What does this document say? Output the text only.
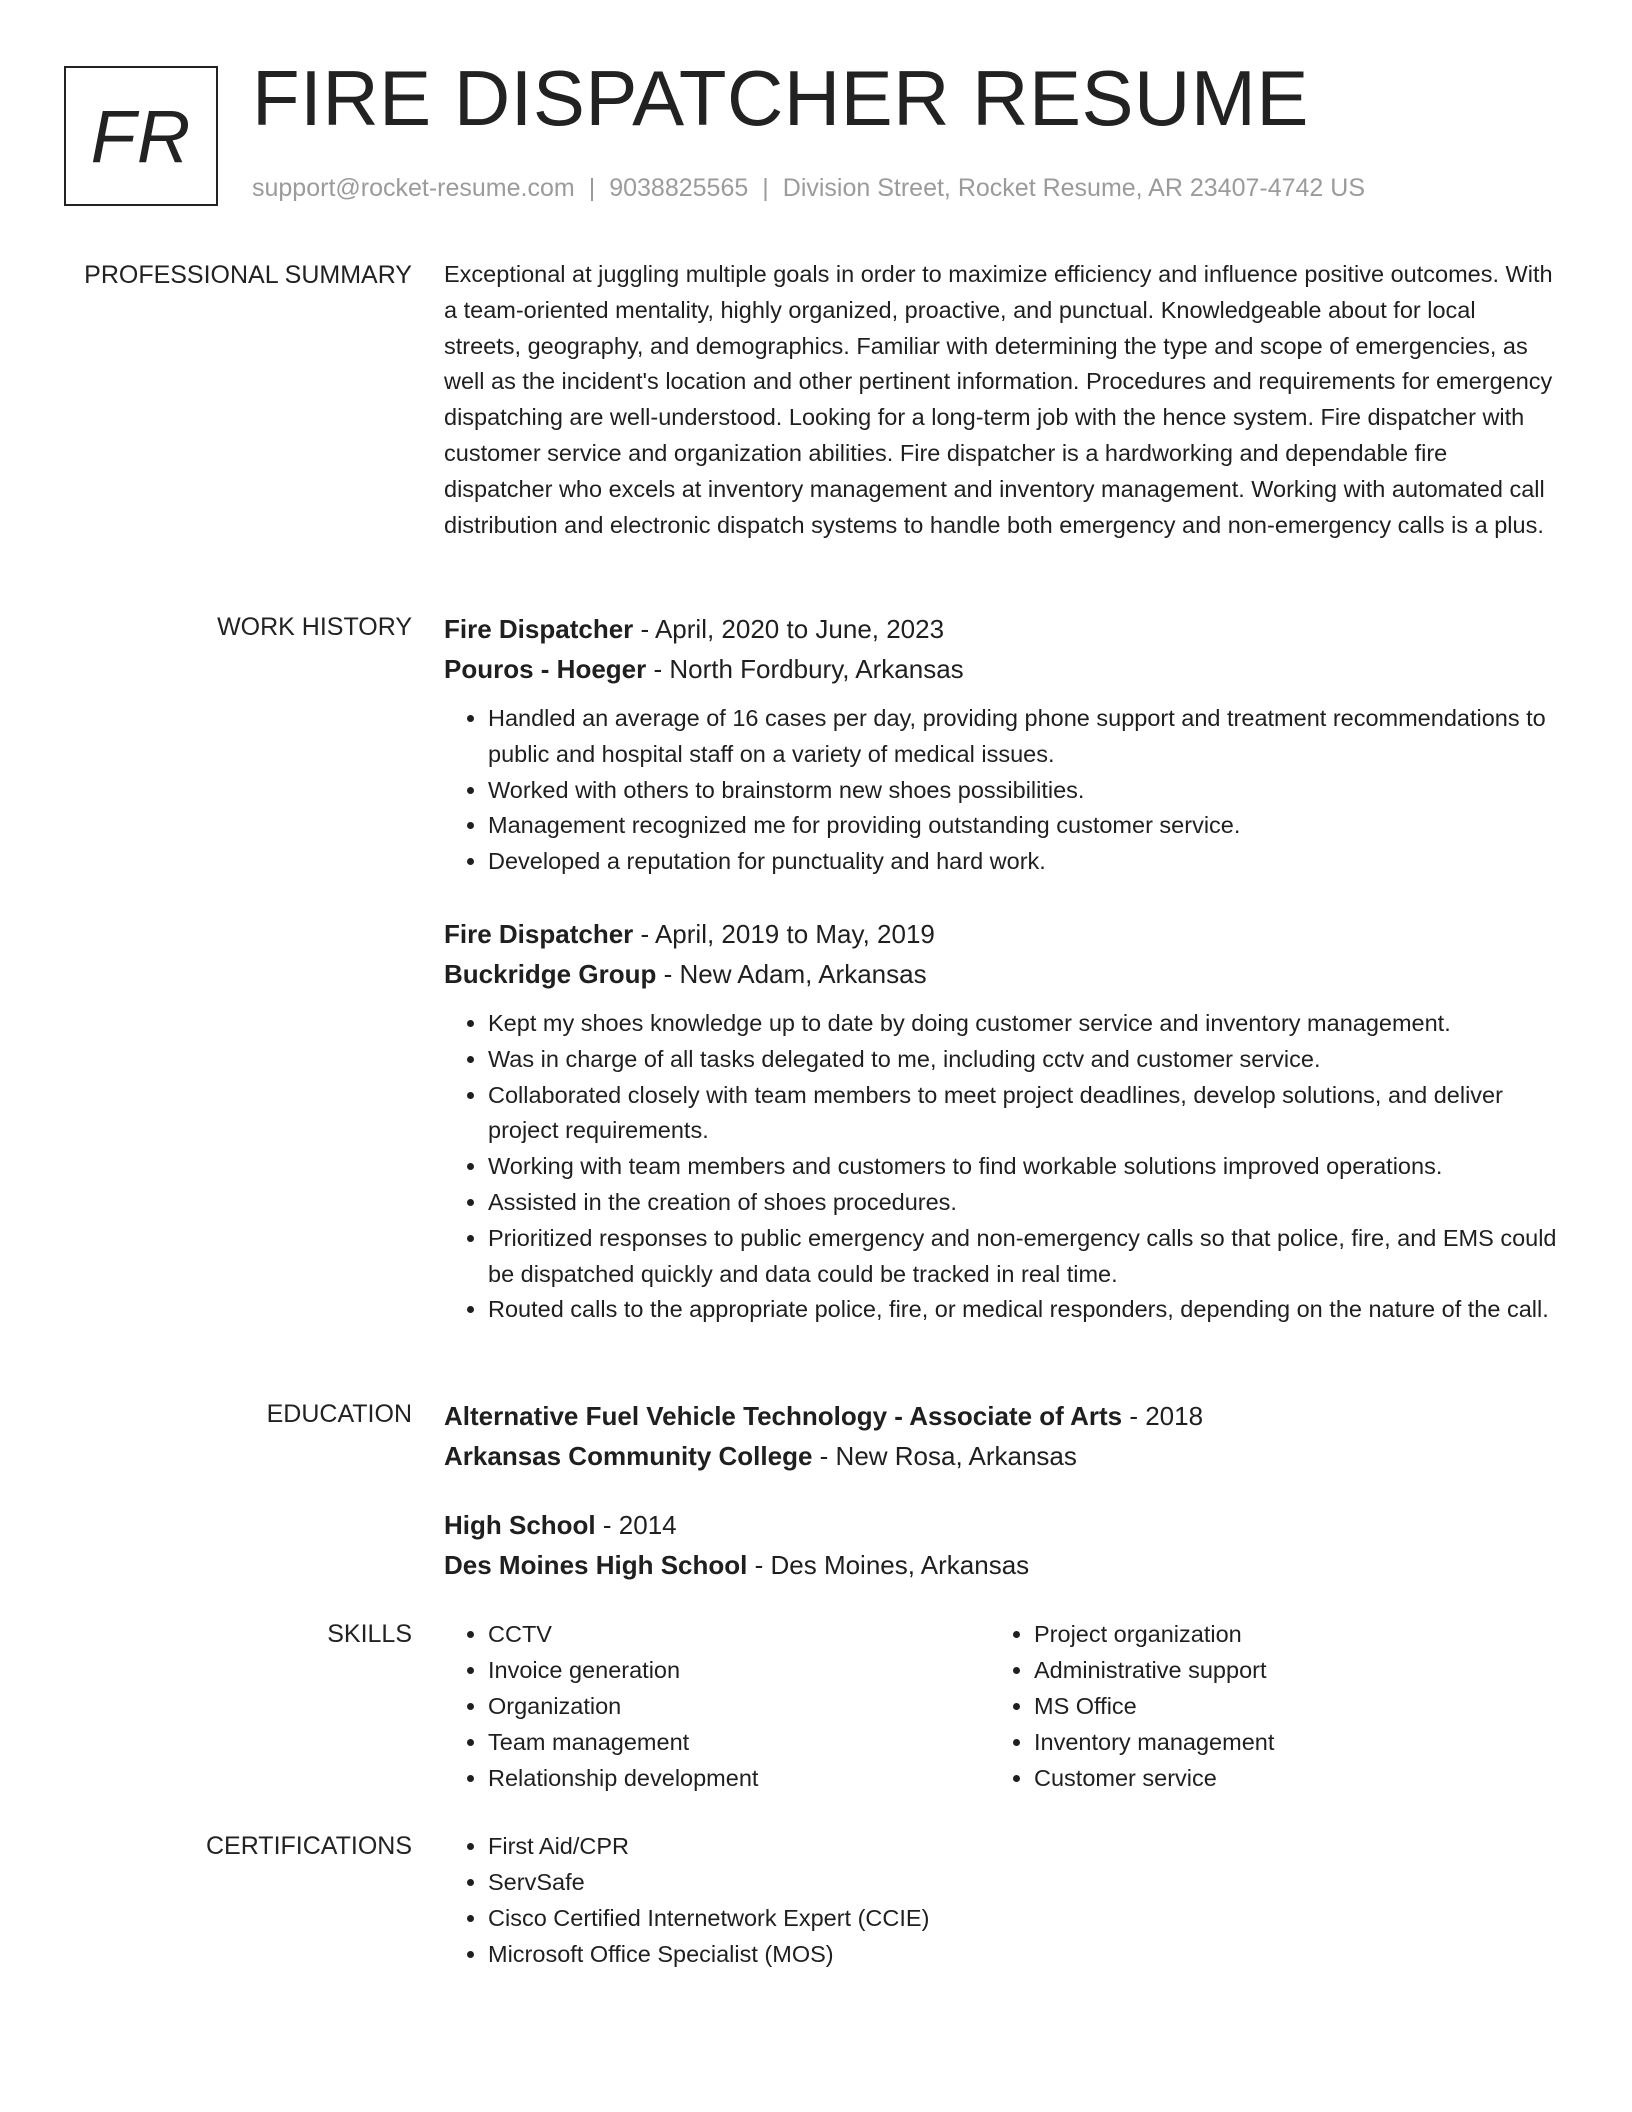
FR FIRE DISPATCHER RESUME
support@rocket-resume.com | 9038825565 | Division Street, Rocket Resume, AR 23407-4742 US
PROFESSIONAL SUMMARY Exceptional at juggling multiple goals in order to maximize efficiency and influence positive outcomes. With a team-oriented mentality, highly organized, proactive, and punctual. Knowledgeable about for local streets, geography, and demographics. Familiar with determining the type and scope of emergencies, as well as the incident's location and other pertinent information. Procedures and requirements for emergency dispatching are well-understood. Looking for a long-term job with the hence system. Fire dispatcher with customer service and organization abilities. Fire dispatcher is a hardworking and dependable fire dispatcher who excels at inventory management and inventory management. Working with automated call distribution and electronic dispatch systems to handle both emergency and non-emergency calls is a plus.

WORK HISTORY Fire Dispatcher - April, 2020 to June, 2023
Pouros - Hoeger - North Fordbury, Arkansas
• Handled an average of 16 cases per day, providing phone support and treatment recommendations to public and hospital staff on a variety of medical issues.
• Worked with others to brainstorm new shoes possibilities.
• Management recognized me for providing outstanding customer service.
• Developed a reputation for punctuality and hard work.
Fire Dispatcher - April, 2019 to May, 2019
Buckridge Group - New Adam, Arkansas
• Kept my shoes knowledge up to date by doing customer service and inventory management.
• Was in charge of all tasks delegated to me, including cctv and customer service.
• Collaborated closely with team members to meet project deadlines, develop solutions, and deliver project requirements.
• Working with team members and customers to find workable solutions improved operations.
• Assisted in the creation of shoes procedures.
• Prioritized responses to public emergency and non-emergency calls so that police, fire, and EMS could be dispatched quickly and data could be tracked in real time.
• Routed calls to the appropriate police, fire, or medical responders, depending on the nature of the call.
EDUCATION Alternative Fuel Vehicle Technology - Associate of Arts - 2018
Arkansas Community College - New Rosa, Arkansas
High School - 2014
Des Moines High School - Des Moines, Arkansas
SKILLS	• CCTV
• Invoice generation
• Organization
• Team management
• Relationship development
• Project organization
• Administrative support
• MS Office
• Inventory management
• Customer service
CERTIFICATIONS	• First Aid/CPR
• ServSafe
• Cisco Certified Internetwork Expert (CCIE)
• Microsoft Office Specialist (MOS)
